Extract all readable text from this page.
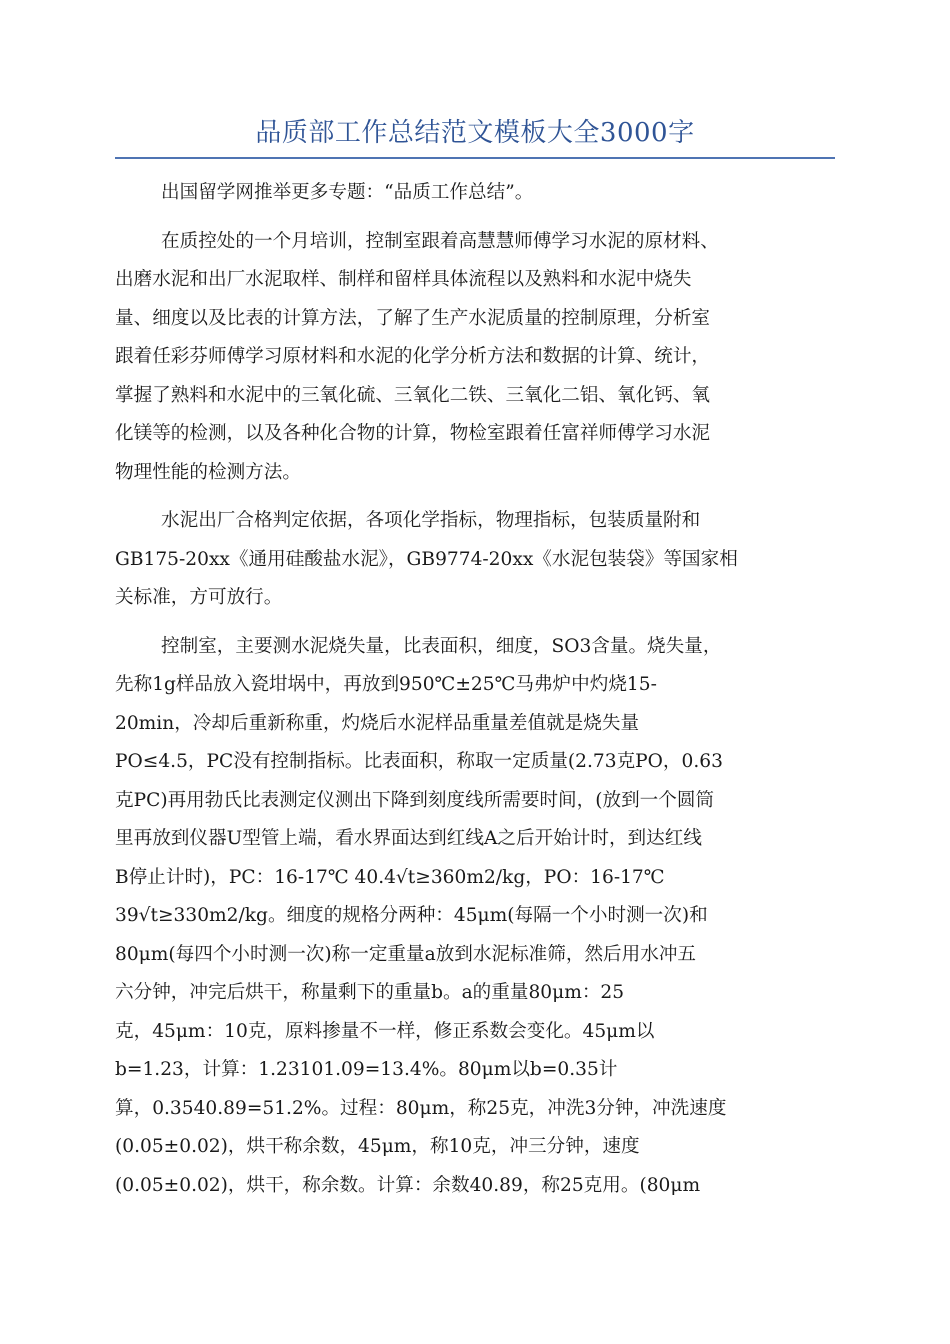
品质部工作总结范文模板大全3000字

出国留学网推举更多专题：“品质工作总结”。

在质控处的一个月培训，控制室跟着高慧慧师傅学习水泥的原材料、
出磨水泥和出厂水泥取样、制样和留样具体流程以及熟料和水泥中烧失
量、细度以及比表的计算方法，了解了生产水泥质量的控制原理，分析室
跟着任彩芬师傅学习原材料和水泥的化学分析方法和数据的计算、统计，
掌握了熟料和水泥中的三氧化硫、三氧化二铁、三氧化二铝、氧化钙、氧
化镁等的检测，以及各种化合物的计算，物检室跟着任富祥师傅学习水泥
物理性能的检测方法。

水泥出厂合格判定依据，各项化学指标，物理指标，包装质量附和
GB175-20xx《通用硅酸盐水泥》，GB9774-20xx《水泥包装袋》等国家相
关标准，方可放行。

控制室，主要测水泥烧失量，比表面积，细度，SO3含量。烧失量，
先称1g样品放入瓷坩埚中，再放到950℃±25℃马弗炉中灼烧15-
20min，冷却后重新称重，灼烧后水泥样品重量差值就是烧失量
PO≤4.5，PC没有控制指标。比表面积，称取一定质量(2.73克PO，0.63
克PC)再用勃氏比表测定仪测出下降到刻度线所需要时间，(放到一个圆筒
里再放到仪器U型管上端，看水界面达到红线A之后开始计时，到达红线
B停止计时)，PC：16-17℃ 40.4√t≥360m2/kg，PO：16-17℃
39√t≥330m2/kg。细度的规格分两种：45μm(每隔一个小时测一次)和
80μm(每四个小时测一次)称一定重量a放到水泥标准筛，然后用水冲五
六分钟，冲完后烘干，称量剩下的重量b。a的重量80μm：25
克，45μm：10克，原料掺量不一样，修正系数会变化。45μm以
b=1.23，计算：1.23101.09=13.4%。80μm以b=0.35计
算，0.3540.89=51.2%。过程：80μm，称25克，冲洗3分钟，冲洗速度
(0.05±0.02)，烘干称余数，45μm，称10克，冲三分钟，速度
(0.05±0.02)，烘干，称余数。计算：余数40.89，称25克用。(80μm
